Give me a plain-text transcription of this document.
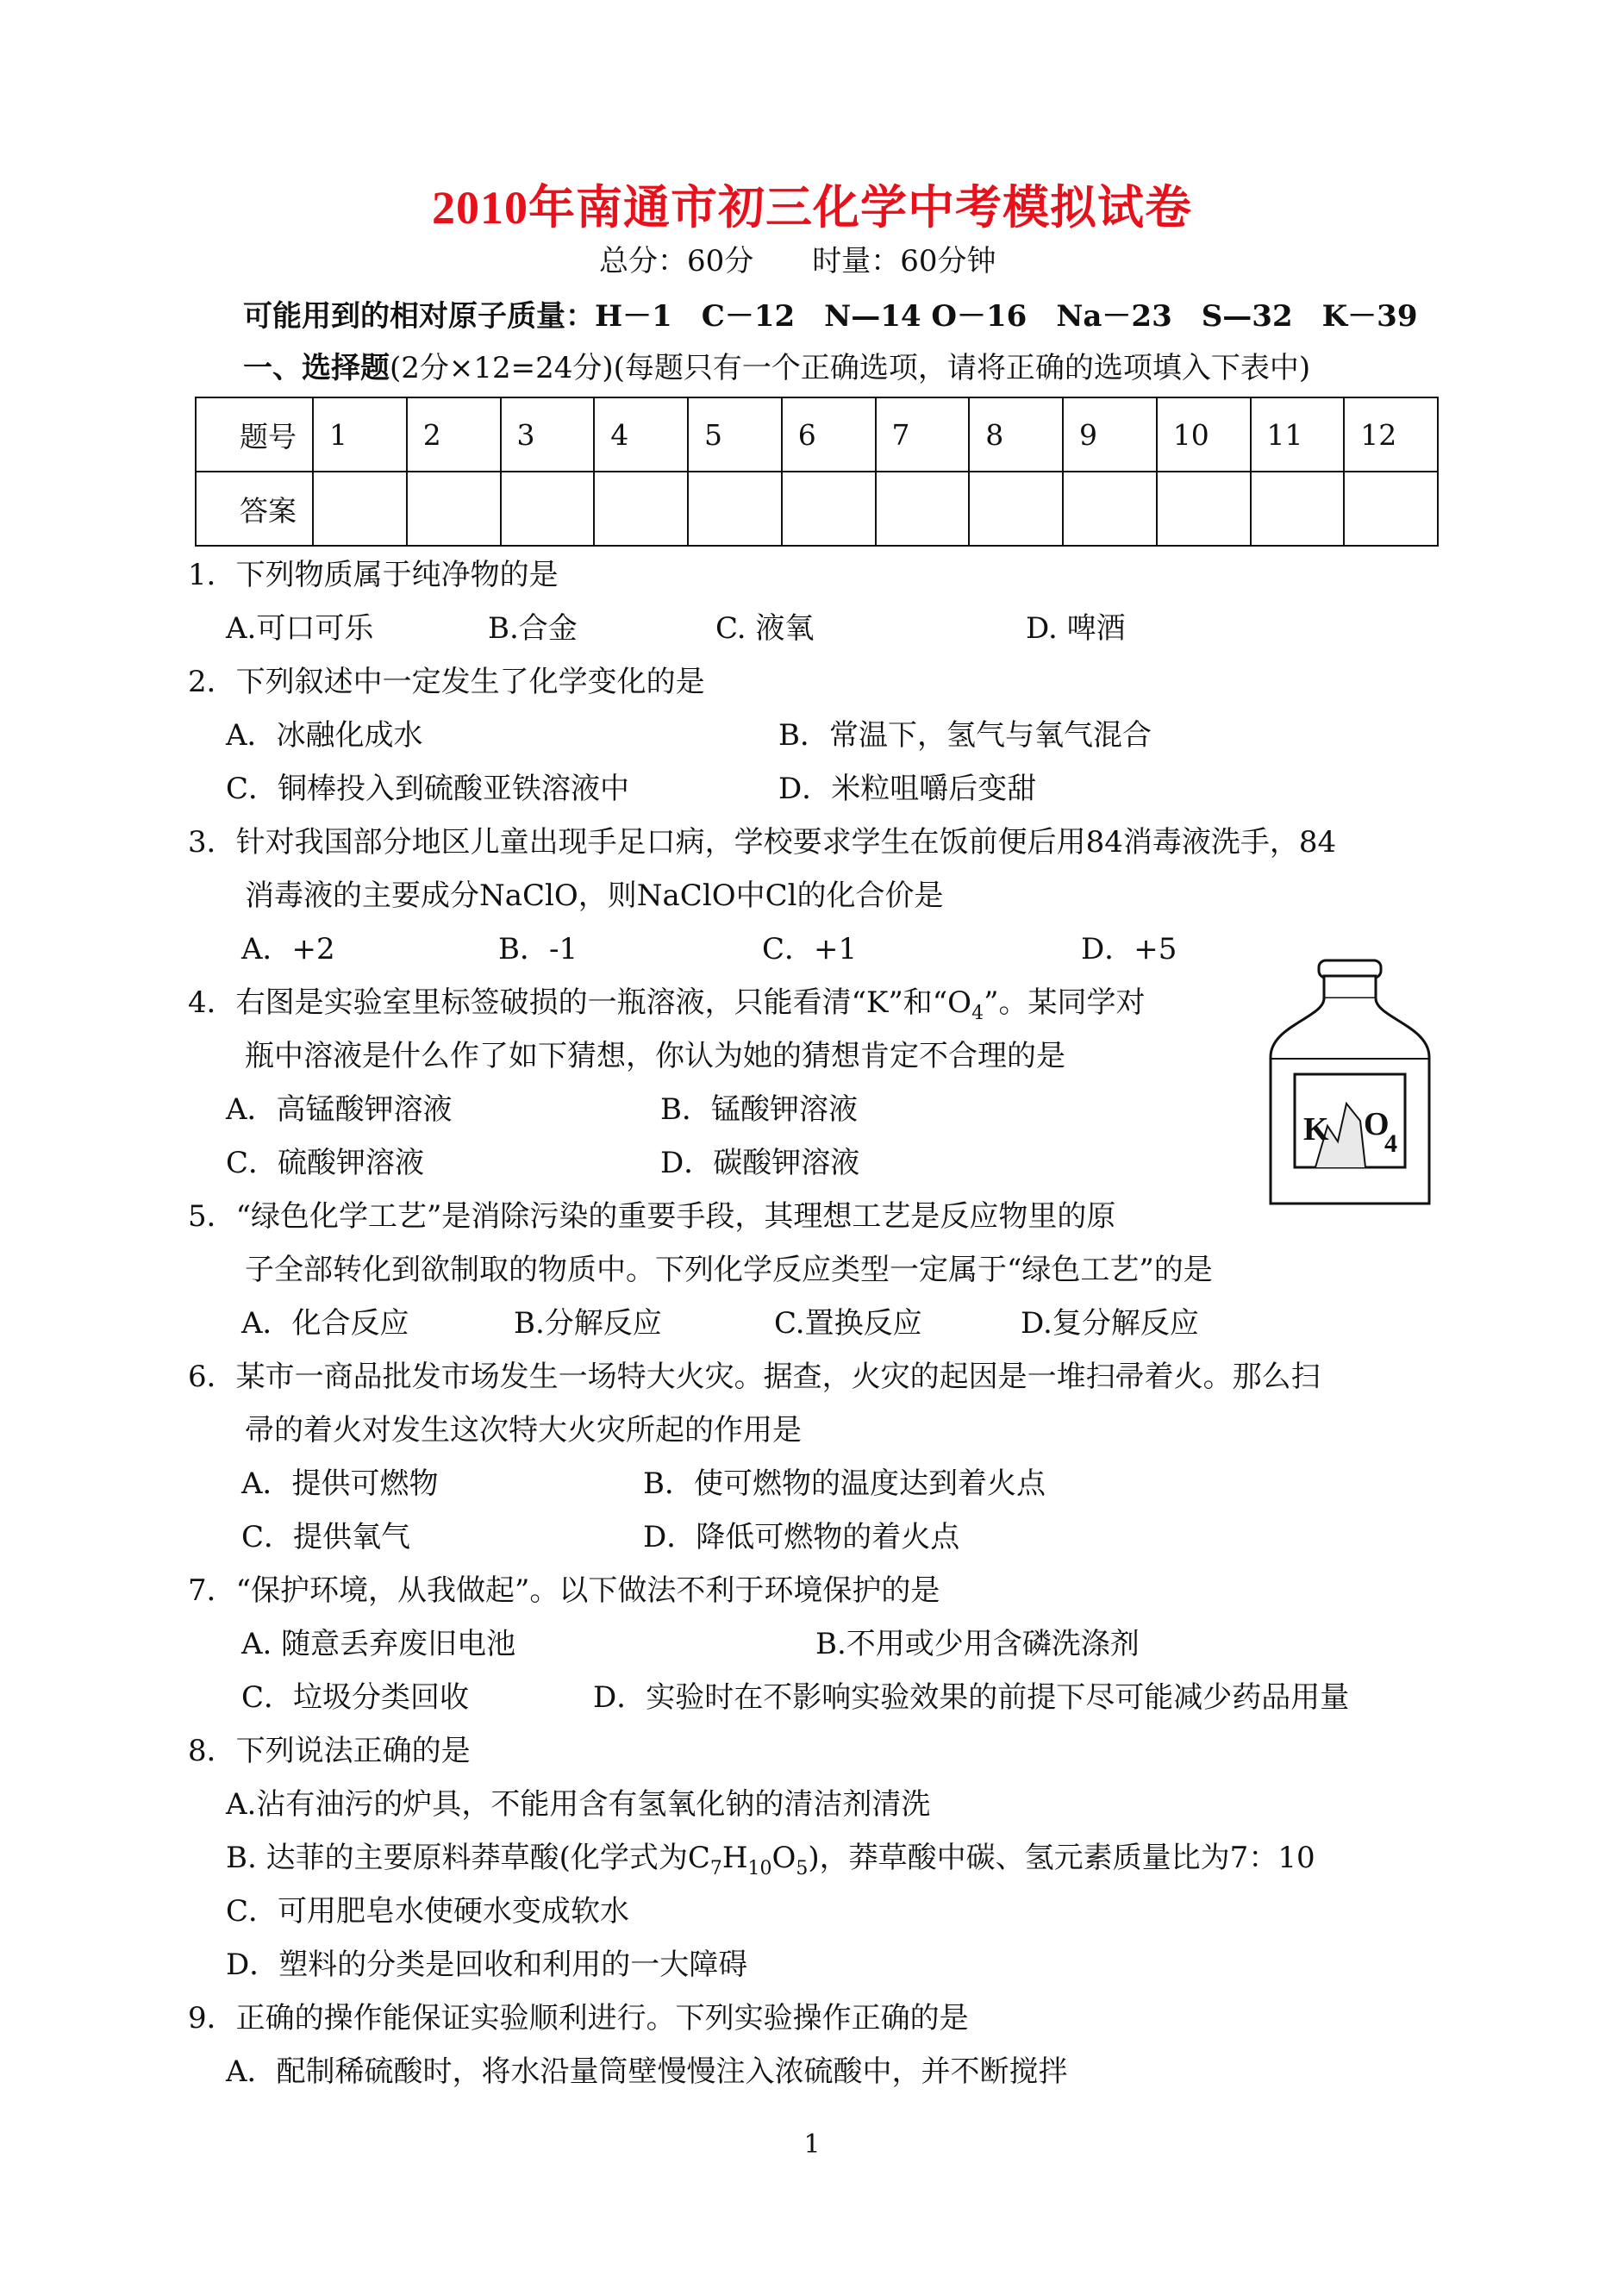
2010年南通市初三化学中考模拟试卷
总分：60分　　时量：60分钟
可能用到的相对原子质量：H－1　C－12　N—14 O－16　Na－23　S—32　K－39
一、选择题(2分×12=24分)(每题只有一个正确选项，请将正确的选项填入下表中)
题号	1	2	3	4	5	6	7	8	9	10	11	12
答案												
1．下列物质属于纯净物的是
A.可口可乐	B.合金	C. 液氧	D. 啤酒
2．下列叙述中一定发生了化学变化的是
A．冰融化成水	B．常温下，氢气与氧气混合
C．铜棒投入到硫酸亚铁溶液中	D．米粒咀嚼后变甜
3．针对我国部分地区儿童出现手足口病，学校要求学生在饭前便后用84消毒液洗手，84
消毒液的主要成分NaClO，则NaClO中Cl的化合价是
A．+2	B．-1	C．+1	D．+5
4．右图是实验室里标签破损的一瓶溶液，只能看清“K”和“$O_4$”。某同学对
瓶中溶液是什么作了如下猜想，你认为她的猜想肯定不合理的是
A．高锰酸钾溶液	B．锰酸钾溶液
C．硫酸钾溶液	D．碳酸钾溶液
K O
4
5．“绿色化学工艺”是消除污染的重要手段，其理想工艺是反应物里的原
子全部转化到欲制取的物质中。下列化学反应类型一定属于“绿色工艺”的是
A．化合反应	B.分解反应	C.置换反应	D.复分解反应
6．某市一商品批发市场发生一场特大火灾。据查，火灾的起因是一堆扫帚着火。那么扫
帚的着火对发生这次特大火灾所起的作用是
A．提供可燃物	B．使可燃物的温度达到着火点
C．提供氧气	D．降低可燃物的着火点
7．“保护环境，从我做起”。以下做法不利于环境保护的是
A. 随意丢弃废旧电池	B.不用或少用含磷洗涤剂
C．垃圾分类回收	D．实验时在不影响实验效果的前提下尽可能减少药品用量
8．下列说法正确的是
A.沾有油污的炉具，不能用含有氢氧化钠的清洁剂清洗
B. 达菲的主要原料莽草酸(化学式为$C_7H_{10}O_5$)，莽草酸中碳、氢元素质量比为7：10
C．可用肥皂水使硬水变成软水
D．塑料的分类是回收和利用的一大障碍
9．正确的操作能保证实验顺利进行。下列实验操作正确的是
A．配制稀硫酸时，将水沿量筒壁慢慢注入浓硫酸中，并不断搅拌
1
